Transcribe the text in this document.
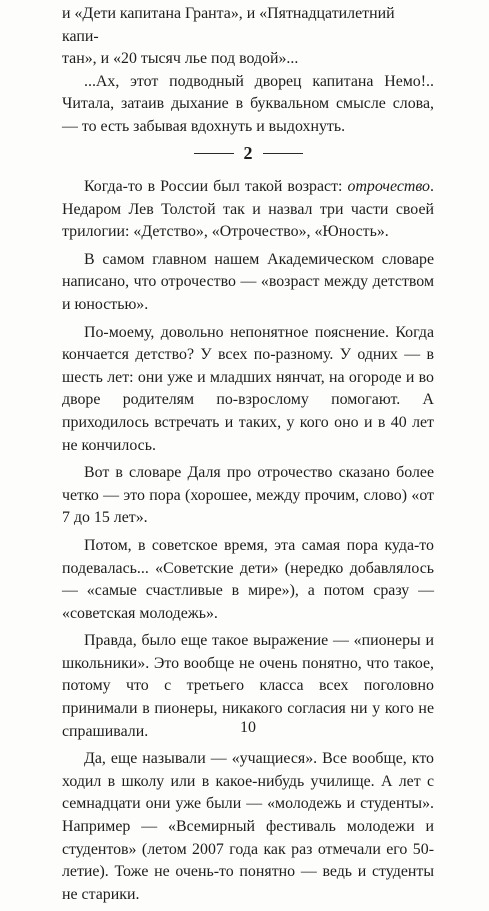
и «Дети капитана Гранта», и «Пятнадцатилетний капи-
тан», и «20 тысяч лье под водой»...

...Ах, этот подводный дворец капитана Немо!.. Читала, затаив дыхание в буквальном смысле слова, — то есть забывая вдохнуть и выдохнуть.

2

Когда-то в России был такой возраст: отрочество. Недаром Лев Толстой так и назвал три части своей трилогии: «Детство», «Отрочество», «Юность».

В самом главном нашем Академическом словаре написано, что отрочество — «возраст между детством и юностью».

По-моему, довольно непонятное пояснение. Когда кончается детство? У всех по-разному. У одних — в шесть лет: они уже и младших нянчат, на огороде и во дворе родителям по-взрослому помогают. А приходилось встречать и таких, у кого оно и в 40 лет не кончилось.

Вот в словаре Даля про отрочество сказано более четко — это пора (хорошее, между прочим, слово) «от 7 до 15 лет».

Потом, в советское время, эта самая пора куда-то подевалась... «Советские дети» (нередко добавлялось — «самые счастливые в мире»), а потом сразу — «советская молодежь».

Правда, было еще такое выражение — «пионеры и школьники». Это вообще не очень понятно, что такое, потому что с третьего класса всех поголовно принимали в пионеры, никакого согласия ни у кого не спрашивали.

Да, еще называли — «учащиеся». Все вообще, кто ходил в школу или в какое-нибудь училище. А лет с семнадцати они уже были — «молодежь и студенты». Например — «Всемирный фестиваль молодежи и студентов» (летом 2007 года как раз отмечали его 50-летие). Тоже не очень-то понятно — ведь и студенты не старики.

10
